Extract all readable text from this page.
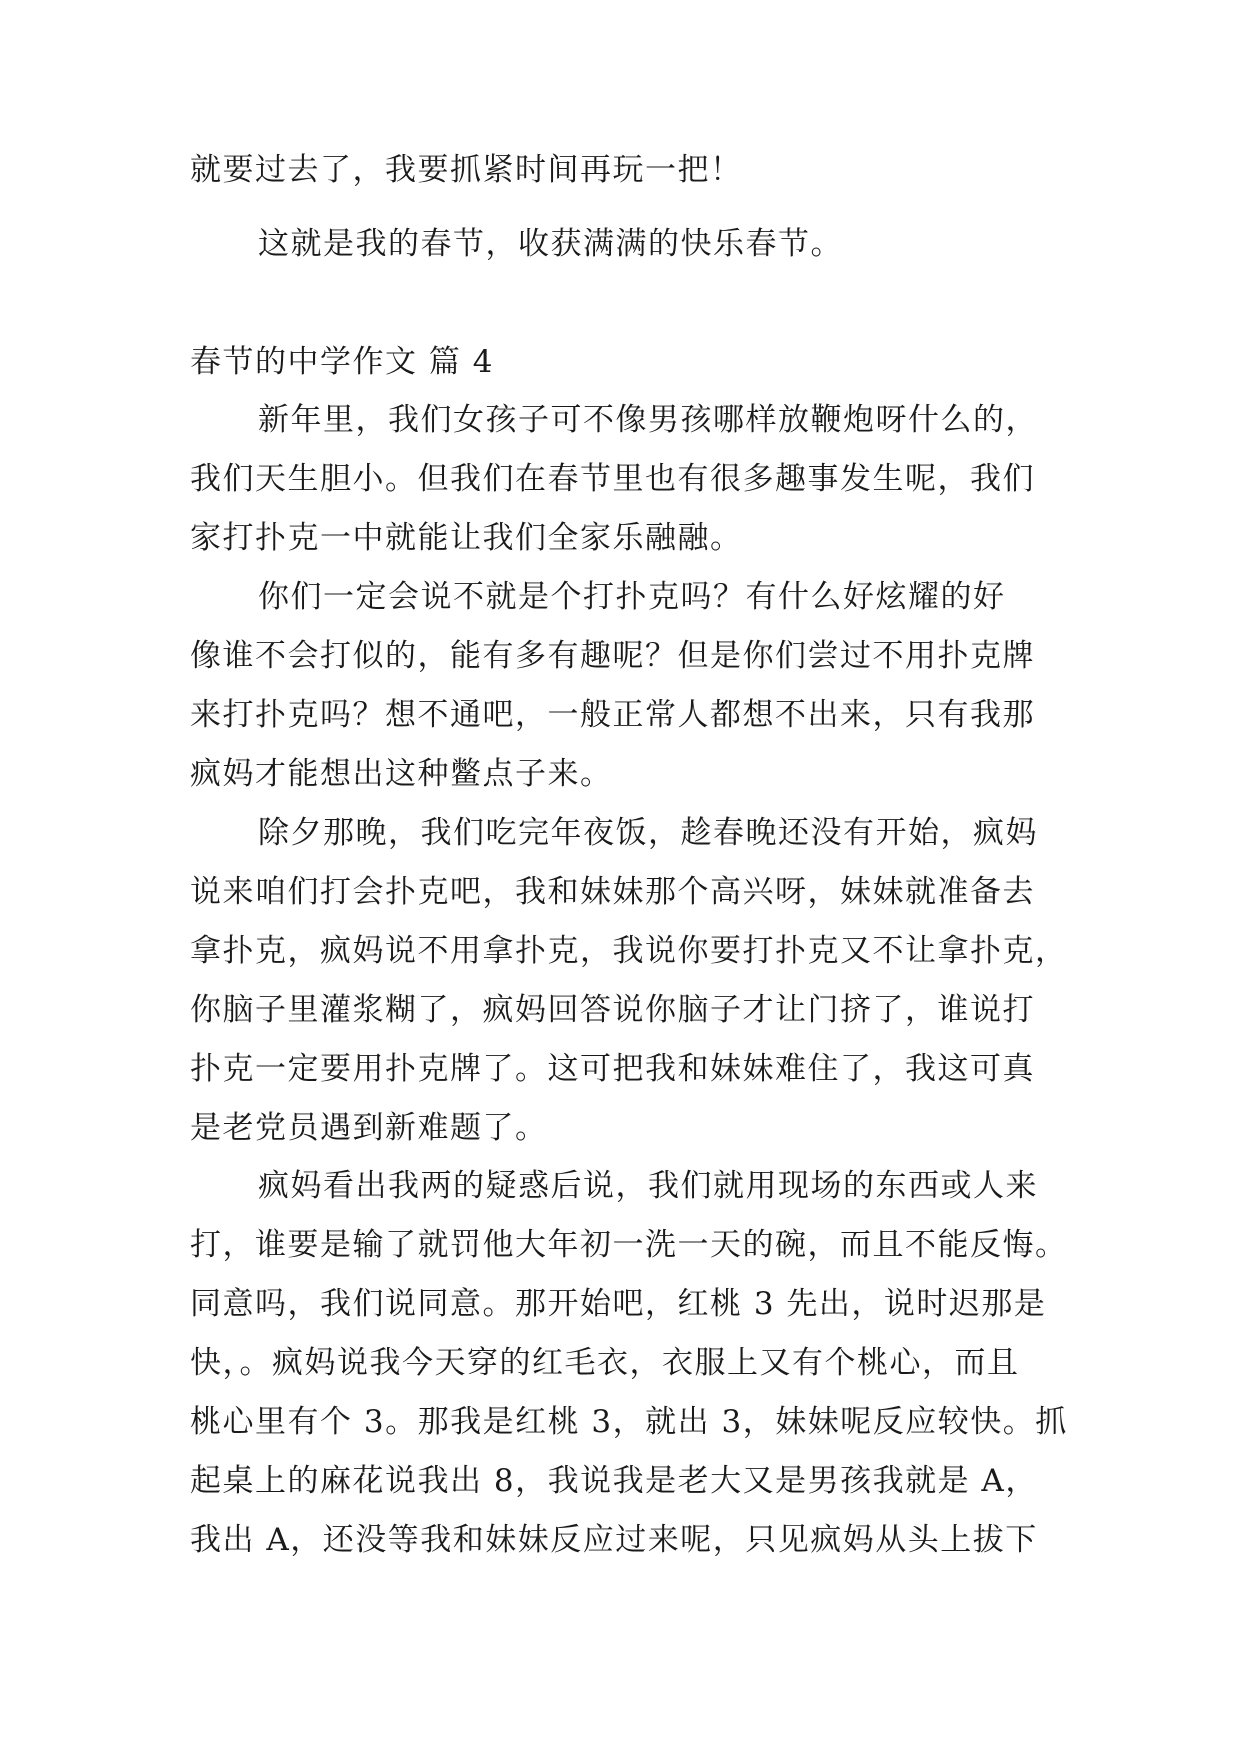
就要过去了，我要抓紧时间再玩一把！

这就是我的春节，收获满满的快乐春节。

春节的中学作文 篇 4

新年里，我们女孩子可不像男孩哪样放鞭炮呀什么的，

我们天生胆小。但我们在春节里也有很多趣事发生呢，我们

家打扑克一中就能让我们全家乐融融。

你们一定会说不就是个打扑克吗？有什么好炫耀的好

像谁不会打似的，能有多有趣呢？但是你们尝过不用扑克牌

来打扑克吗？想不通吧，一般正常人都想不出来，只有我那

疯妈才能想出这种鳖点子来。

除夕那晚，我们吃完年夜饭，趁春晚还没有开始，疯妈

说来咱们打会扑克吧，我和妹妹那个高兴呀，妹妹就准备去

拿扑克，疯妈说不用拿扑克，我说你要打扑克又不让拿扑克，

你脑子里灌浆糊了，疯妈回答说你脑子才让门挤了，谁说打

扑克一定要用扑克牌了。这可把我和妹妹难住了，我这可真

是老党员遇到新难题了。

疯妈看出我两的疑惑后说，我们就用现场的东西或人来

打，谁要是输了就罚他大年初一洗一天的碗，而且不能反悔。

同意吗，我们说同意。那开始吧，红桃 3 先出，说时迟那是

快，。疯妈说我今天穿的红毛衣，衣服上又有个桃心，而且

桃心里有个 3。那我是红桃 3，就出 3，妹妹呢反应较快。抓

起桌上的麻花说我出 8，我说我是老大又是男孩我就是 A，

我出 A，还没等我和妹妹反应过来呢，只见疯妈从头上拔下
